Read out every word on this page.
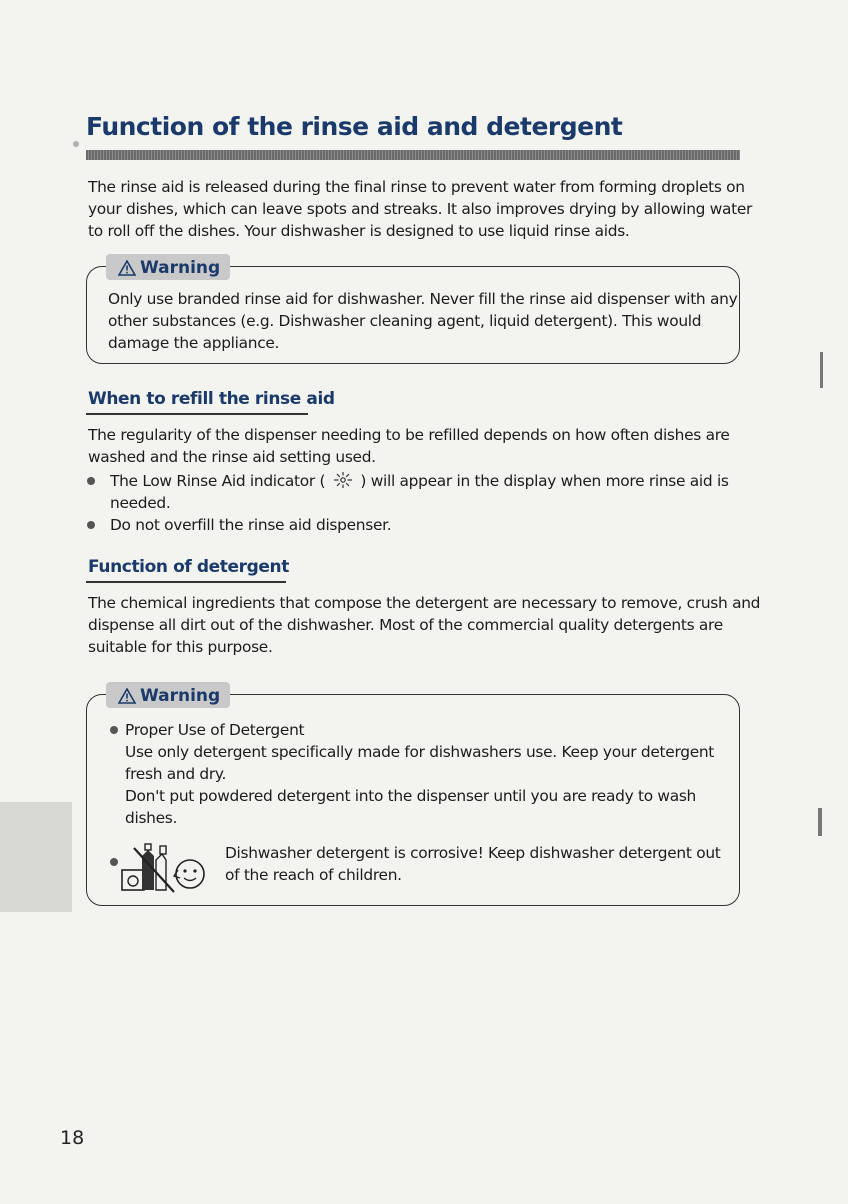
Function of the rinse aid and detergent
The rinse aid is released during the final rinse to prevent water from forming droplets on
your dishes, which can leave spots and streaks. It also improves drying by allowing water
to roll off the dishes. Your dishwasher is designed to use liquid rinse aids.
Warning
Only use branded rinse aid for dishwasher. Never fill the rinse aid dispenser with any
other substances (e.g. Dishwasher cleaning agent, liquid detergent). This would
damage the appliance.
When to refill the rinse aid
The regularity of the dispenser needing to be refilled depends on how often dishes are
washed and the rinse aid setting used.
The Low Rinse Aid indicator ( ) will appear in the display when more rinse aid is
needed.
Do not overfill the rinse aid dispenser.
Function of detergent
The chemical ingredients that compose the detergent are necessary to remove, crush and
dispense all dirt out of the dishwasher. Most of the commercial quality detergents are
suitable for this purpose.
Warning
Proper Use of Detergent
Use only detergent specifically made for dishwashers use. Keep your detergent
fresh and dry.
Don't put powdered detergent into the dispenser until you are ready to wash
dishes.
Dishwasher detergent is corrosive! Keep dishwasher detergent out
of the reach of children.
18
